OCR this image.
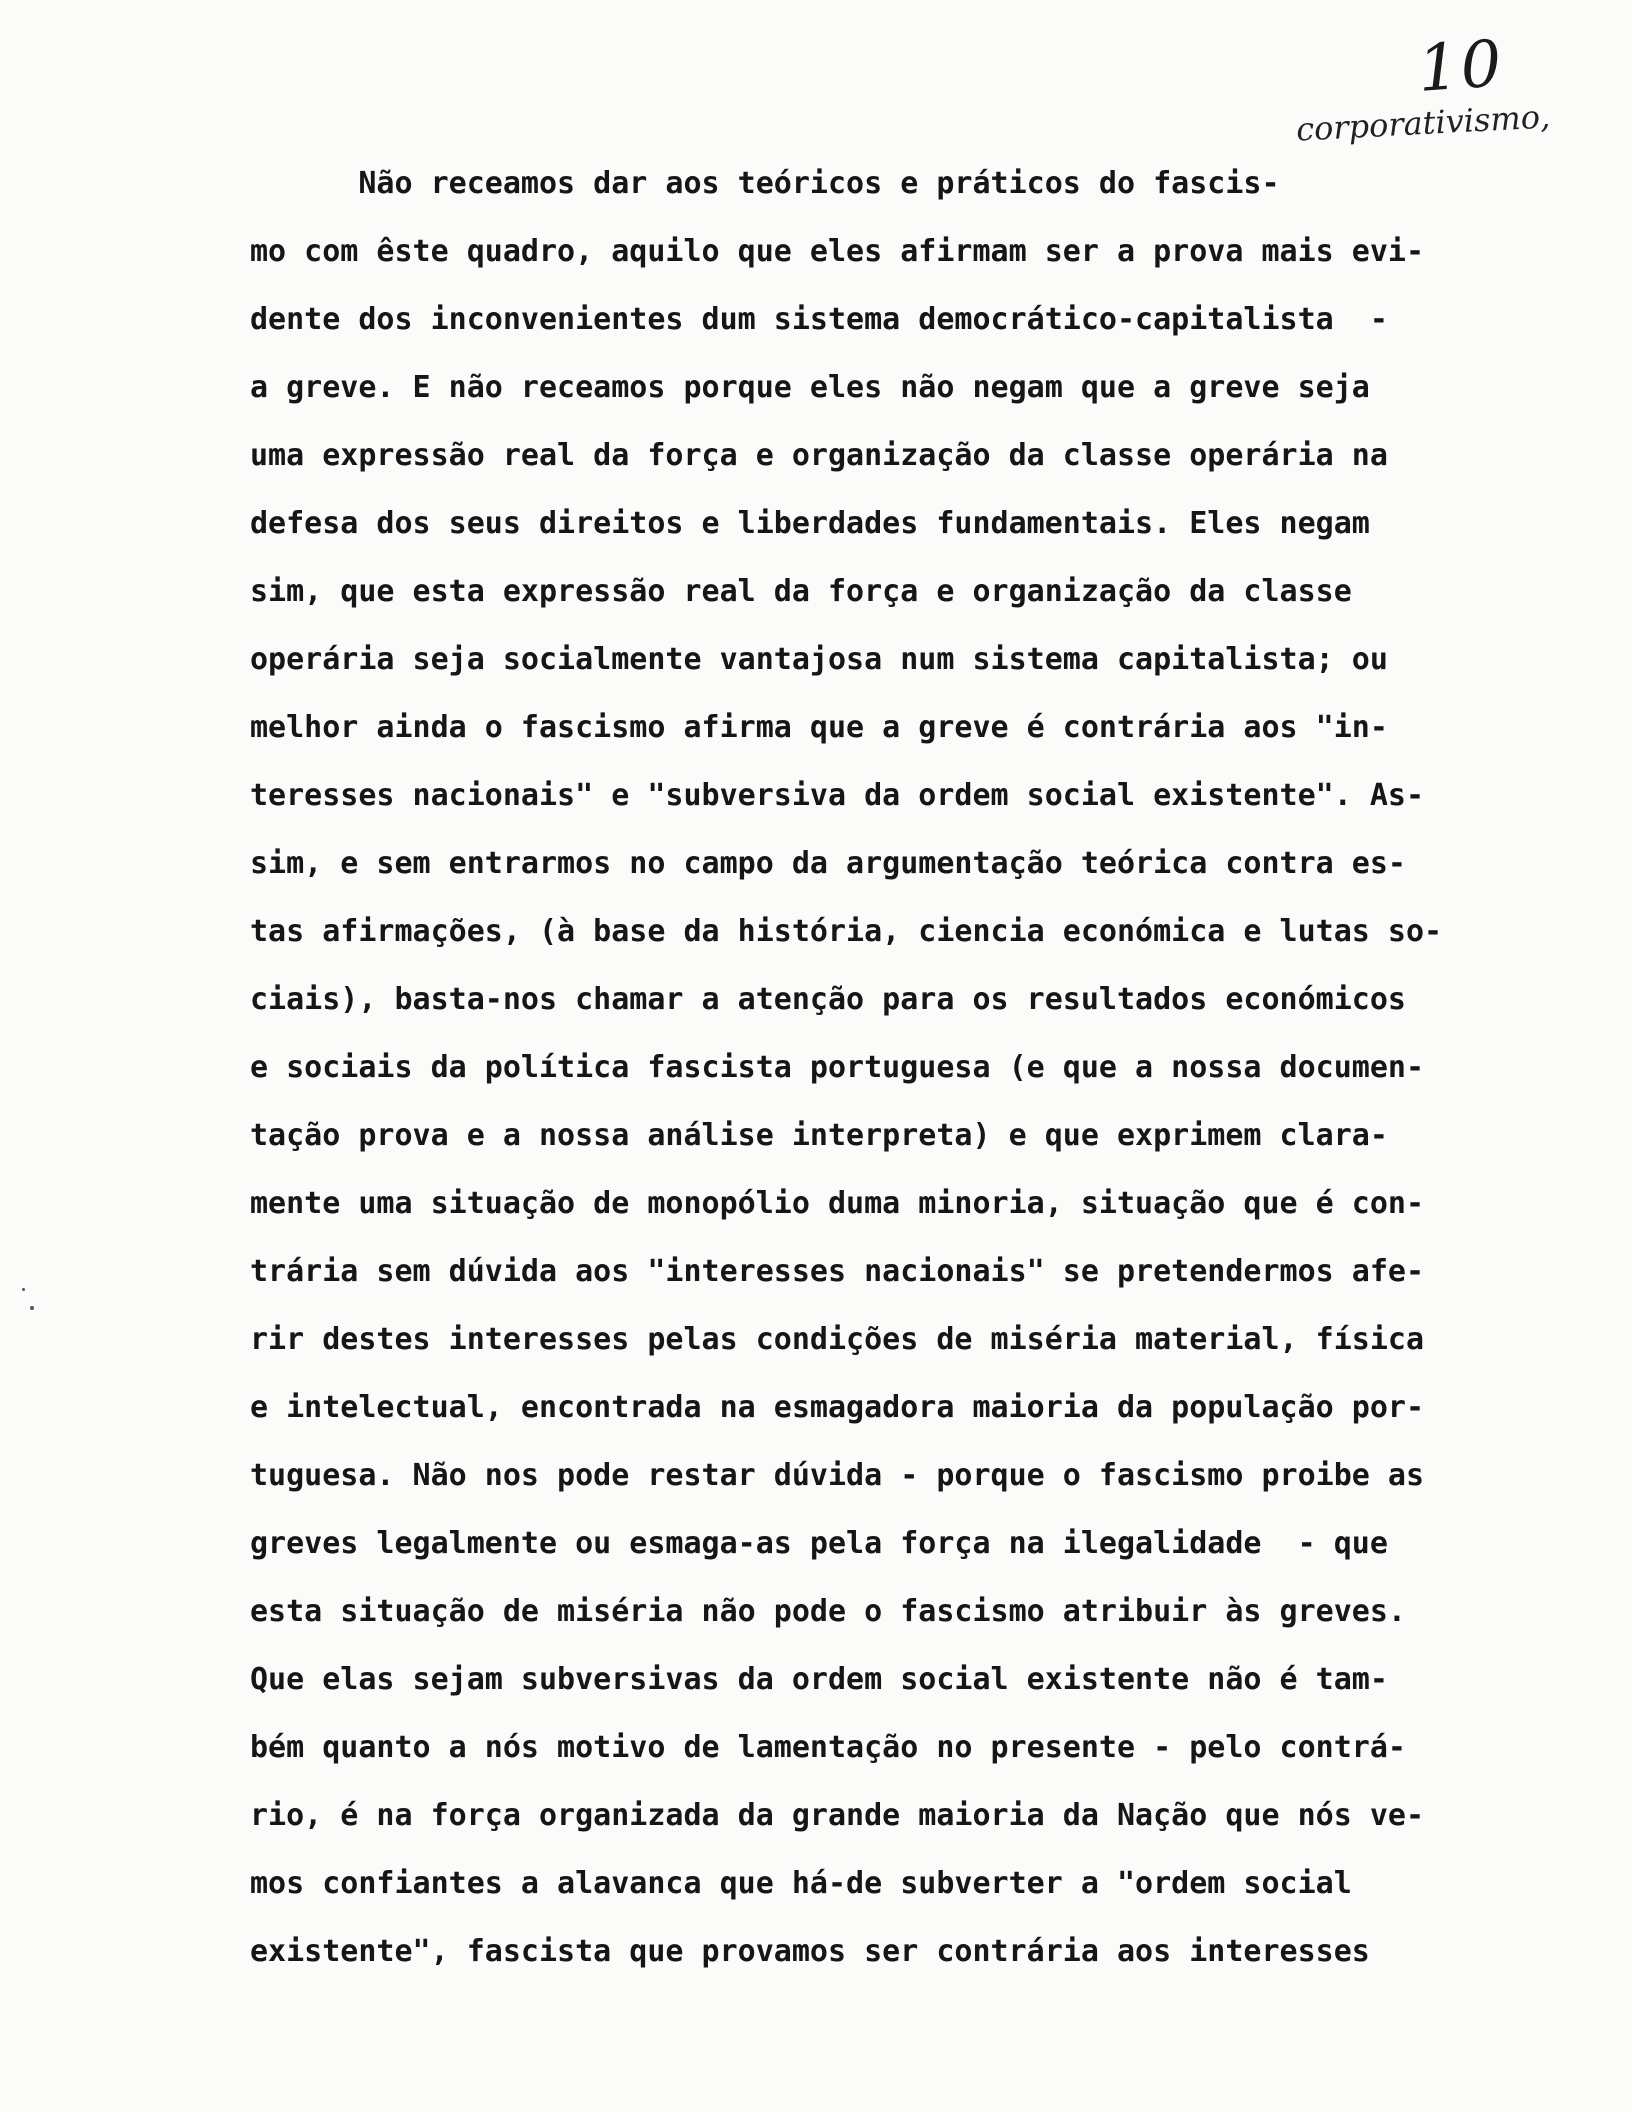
10
corporativismo,
Não receamos dar aos teóricos e práticos do fascis-
mo com êste quadro, aquilo que eles afirmam ser a prova mais evi-
dente dos inconvenientes dum sistema democrático-capitalista  -
a greve. E não receamos porque eles não negam que a greve seja
uma expressão real da força e organização da classe operária na
defesa dos seus direitos e liberdades fundamentais. Eles negam
sim, que esta expressão real da força e organização da classe
operária seja socialmente vantajosa num sistema capitalista; ou
melhor ainda o fascismo afirma que a greve é contrária aos "in-
teresses nacionais" e "subversiva da ordem social existente". As-
sim, e sem entrarmos no campo da argumentação teórica contra es-
tas afirmações, (à base da história, ciencia económica e lutas so-
ciais), basta-nos chamar a atenção para os resultados económicos
e sociais da política fascista portuguesa (e que a nossa documen-
tação prova e a nossa análise interpreta) e que exprimem clara-
mente uma situação de monopólio duma minoria, situação que é con-
trária sem dúvida aos "interesses nacionais" se pretendermos afe-
rir destes interesses pelas condições de miséria material, física
e intelectual, encontrada na esmagadora maioria da população por-
tuguesa. Não nos pode restar dúvida - porque o fascismo proibe as
greves legalmente ou esmaga-as pela força na ilegalidade  - que
esta situação de miséria não pode o fascismo atribuir às greves.
Que elas sejam subversivas da ordem social existente não é tam-
bém quanto a nós motivo de lamentação no presente - pelo contrá-
rio, é na força organizada da grande maioria da Nação que nós ve-
mos confiantes a alavanca que há-de subverter a "ordem social
existente", fascista que provamos ser contrária aos interesses
